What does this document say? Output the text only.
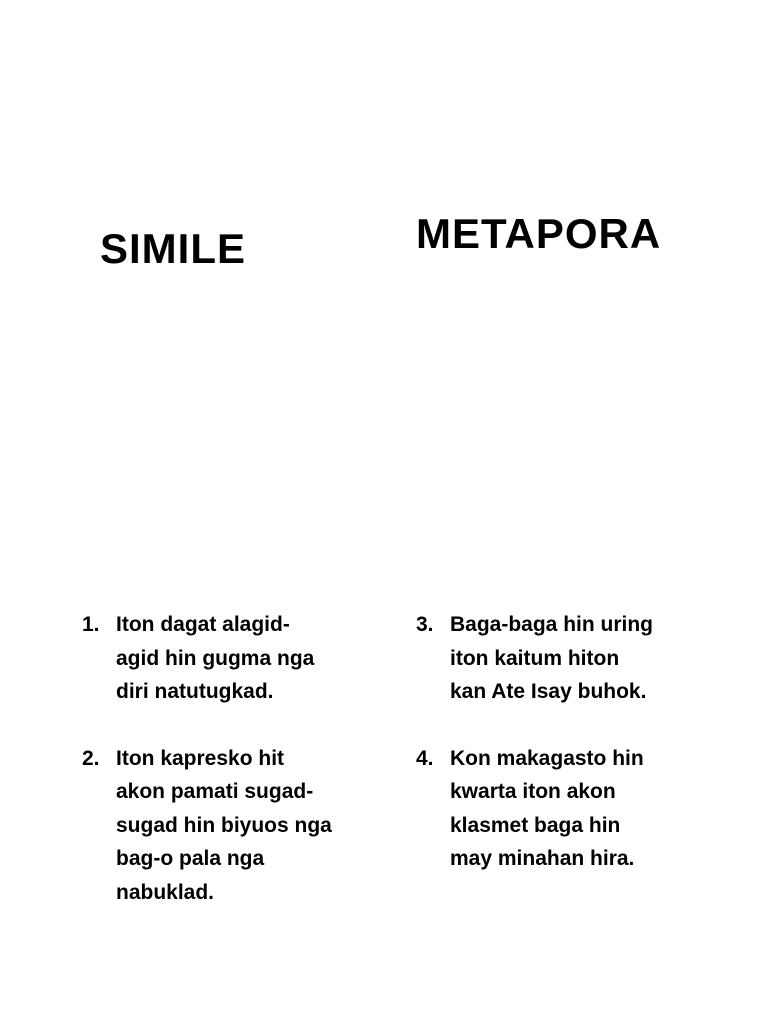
SIMILE	METAPORA
1. Iton dagat alagid-
agid hin gugma nga
diri natutugkad.
2. Iton kapresko hit
akon pamati sugad-
sugad hin biyuos nga
bag-o pala nga
nabuklad.
3. Baga-baga hin uring
iton kaitum hiton
kan Ate Isay buhok.
4. Kon makagasto hin
kwarta iton akon
klasmet baga hin
may minahan hira.
